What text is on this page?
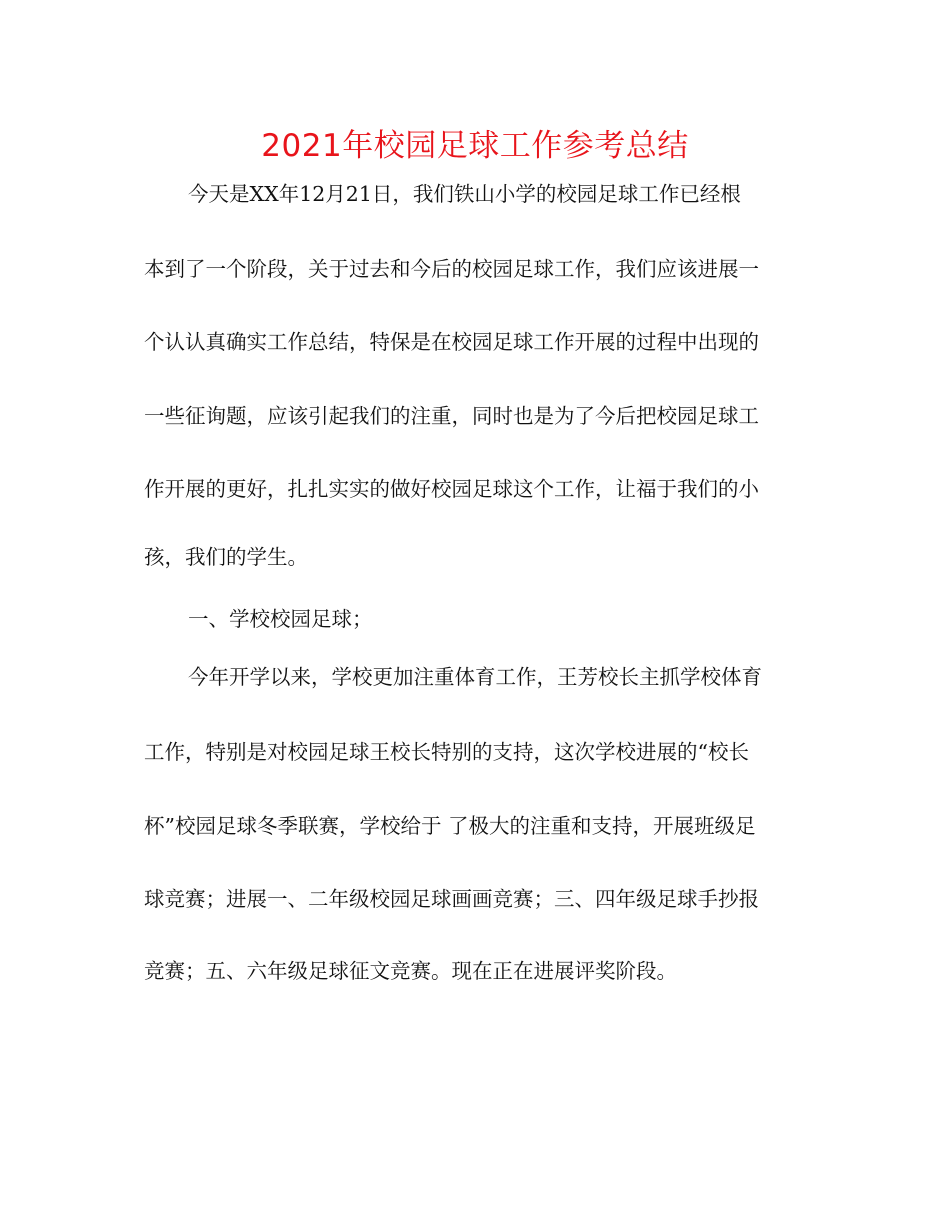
2021年校园足球工作参考总结

今天是XX年12月21日，我们铁山小学的校园足球工作已经根

本到了一个阶段，关于过去和今后的校园足球工作，我们应该进展一

个认认真确实工作总结，特保是在校园足球工作开展的过程中出现的

一些征询题，应该引起我们的注重，同时也是为了今后把校园足球工

作开展的更好，扎扎实实的做好校园足球这个工作，让福于我们的小

孩，我们的学生。

一、学校校园足球；

今年开学以来，学校更加注重体育工作，王芳校长主抓学校体育

工作，特别是对校园足球王校长特别的支持，这次学校进展的“校长

杯”校园足球冬季联赛，学校给于 了极大的注重和支持，开展班级足

球竞赛；进展一、二年级校园足球画画竞赛；三、四年级足球手抄报

竞赛；五、六年级足球征文竞赛。现在正在进展评奖阶段。
